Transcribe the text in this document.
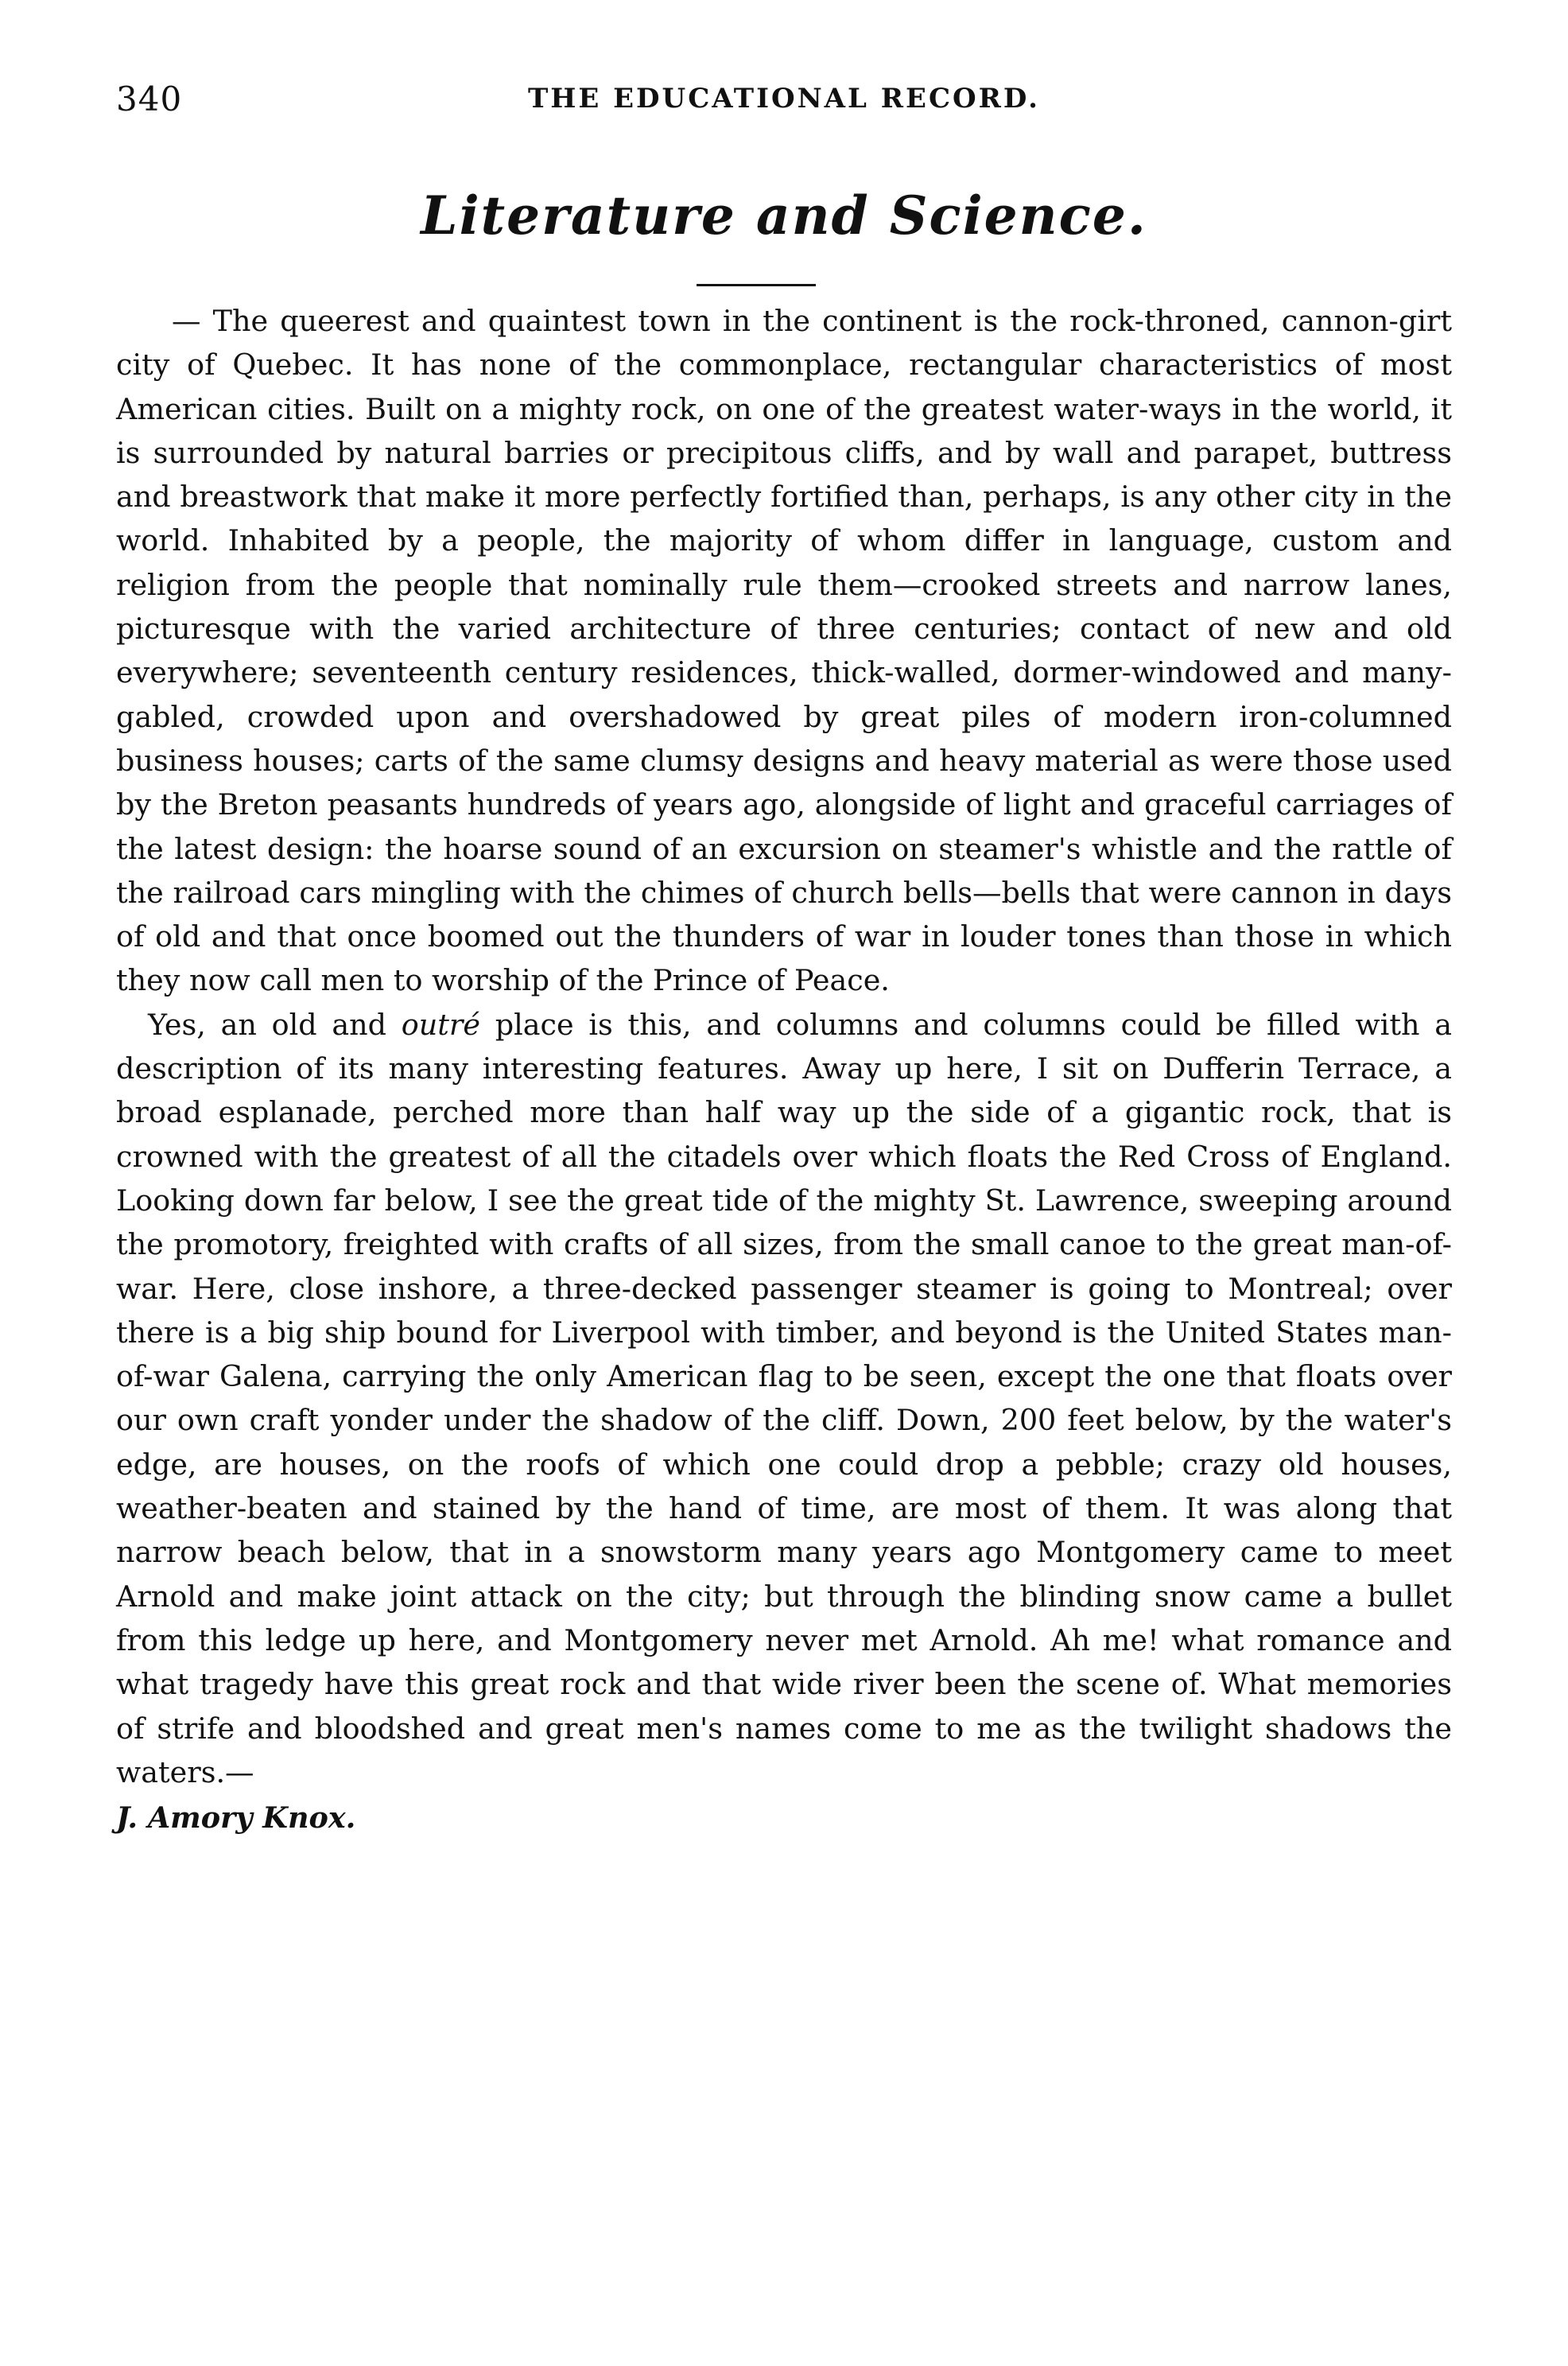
340	THE EDUCATIONAL RECORD.
Literature and Science.

— The queerest and quaintest town in the continent is the rock-throned, cannon-girt city of Quebec. It has none of the commonplace, rectangular characteristics of most American cities. Built on a mighty rock, on one of the greatest water-ways in the world, it is surrounded by natural barries or precipitous cliffs, and by wall and parapet, buttress and breastwork that make it more perfectly fortified than, perhaps, is any other city in the world. Inhabited by a people, the majority of whom differ in language, custom and religion from the people that nominally rule them—crooked streets and narrow lanes, picturesque with the varied architecture of three centuries; contact of new and old everywhere; seventeenth century residences, thick-walled, dormer-windowed and many-gabled, crowded upon and overshadowed by great piles of modern iron-columned business houses; carts of the same clumsy designs and heavy material as were those used by the Breton peasants hundreds of years ago, alongside of light and graceful carriages of the latest design: the hoarse sound of an excursion on steamer's whistle and the rattle of the railroad cars mingling with the chimes of church bells—bells that were cannon in days of old and that once boomed out the thunders of war in louder tones than those in which they now call men to worship of the Prince of Peace.

Yes, an old and outré place is this, and columns and columns could be filled with a description of its many interesting features. Away up here, I sit on Dufferin Terrace, a broad esplanade, perched more than half way up the side of a gigantic rock, that is crowned with the greatest of all the citadels over which floats the Red Cross of England. Looking down far below, I see the great tide of the mighty St. Lawrence, sweeping around the promotory, freighted with crafts of all sizes, from the small canoe to the great man-of-war. Here, close inshore, a three-decked passenger steamer is going to Montreal; over there is a big ship bound for Liverpool with timber, and beyond is the United States man-of-war Galena, carrying the only American flag to be seen, except the one that floats over our own craft yonder under the shadow of the cliff. Down, 200 feet below, by the water's edge, are houses, on the roofs of which one could drop a pebble; crazy old houses, weather-beaten and stained by the hand of time, are most of them. It was along that narrow beach below, that in a snowstorm many years ago Montgomery came to meet Arnold and make joint attack on the city; but through the blinding snow came a bullet from this ledge up here, and Montgomery never met Arnold. Ah me! what romance and what tragedy have this great rock and that wide river been the scene of. What memories of strife and bloodshed and great men's names come to me as the twilight shadows the waters.—

J. Amory Knox.
